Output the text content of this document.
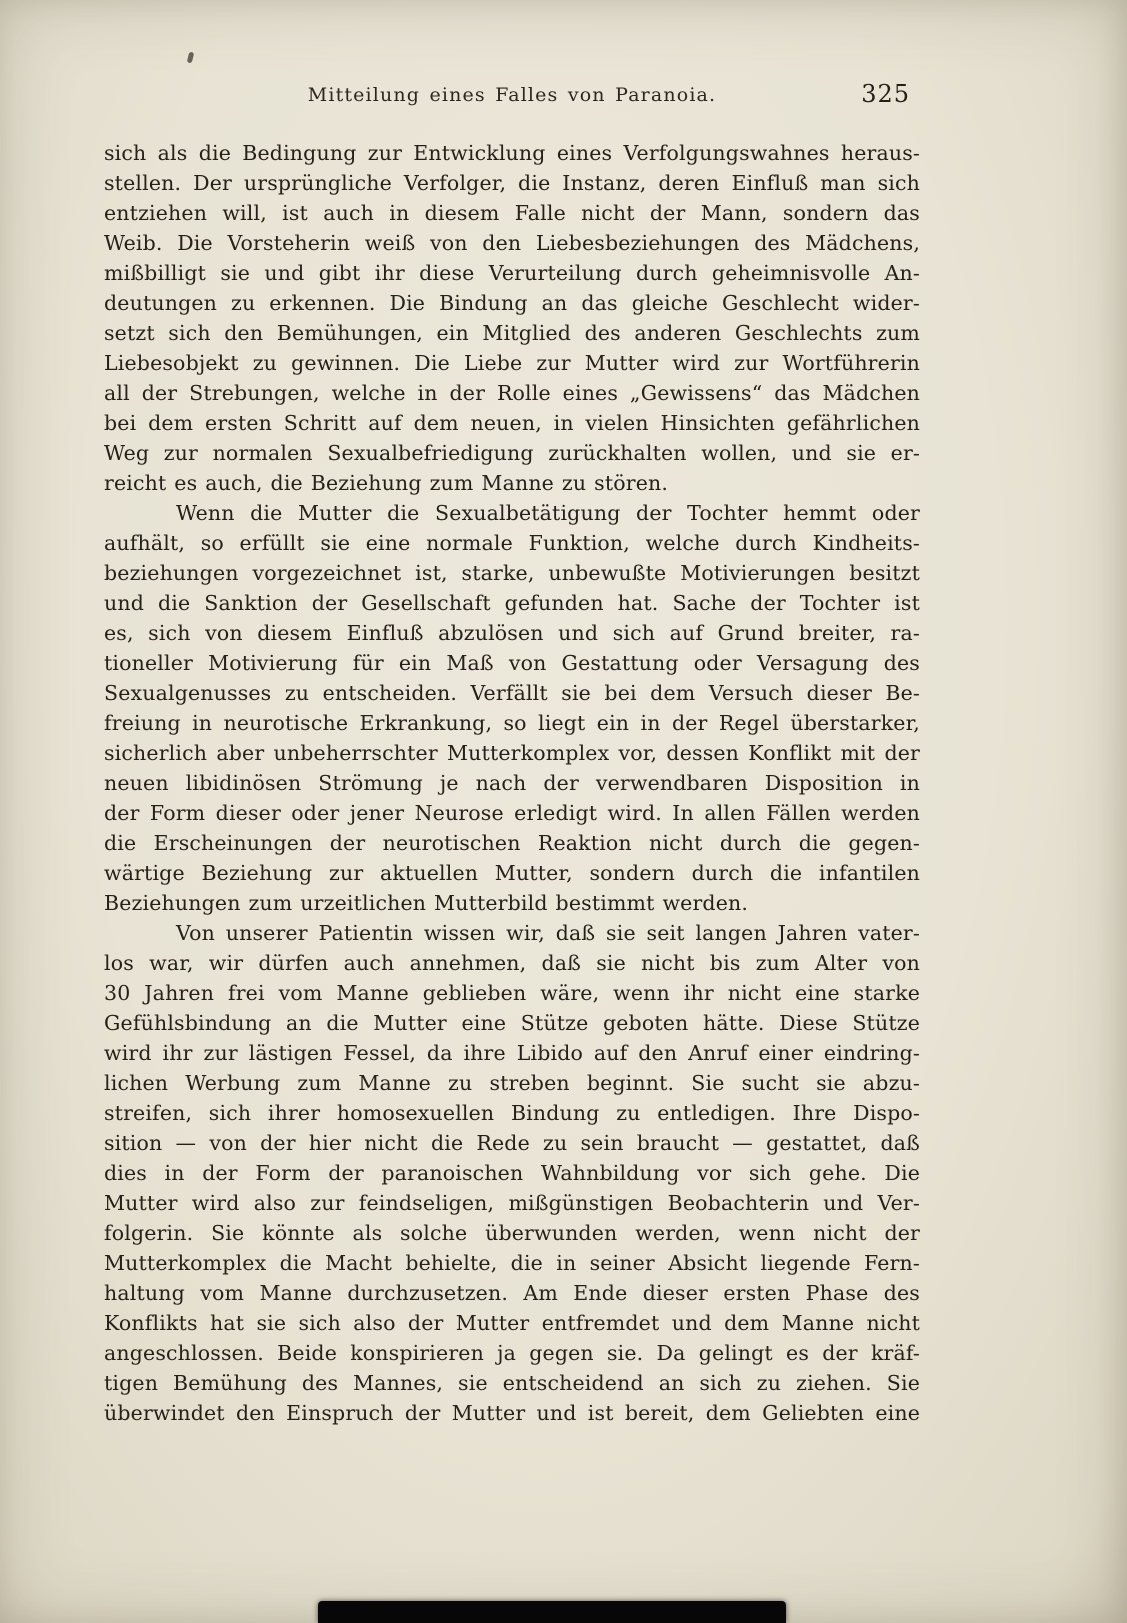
Mitteilung eines Falles von Paranoia.	325
sich als die Bedingung zur Entwicklung eines Verfolgungswahnes heraus-
stellen. Der ursprüngliche Verfolger, die Instanz, deren Einfluß man sich
entziehen will, ist auch in diesem Falle nicht der Mann, sondern das
Weib. Die Vorsteherin weiß von den Liebesbeziehungen des Mädchens,
mißbilligt sie und gibt ihr diese Verurteilung durch geheimnisvolle An-
deutungen zu erkennen. Die Bindung an das gleiche Geschlecht wider-
setzt sich den Bemühungen, ein Mitglied des anderen Geschlechts zum
Liebesobjekt zu gewinnen. Die Liebe zur Mutter wird zur Wortführerin
all der Strebungen, welche in der Rolle eines „Gewissens“ das Mädchen
bei dem ersten Schritt auf dem neuen, in vielen Hinsichten gefährlichen
Weg zur normalen Sexualbefriedigung zurückhalten wollen, und sie er-
reicht es auch, die Beziehung zum Manne zu stören.
Wenn die Mutter die Sexualbetätigung der Tochter hemmt oder
aufhält, so erfüllt sie eine normale Funktion, welche durch Kindheits-
beziehungen vorgezeichnet ist, starke, unbewußte Motivierungen besitzt
und die Sanktion der Gesellschaft gefunden hat. Sache der Tochter ist
es, sich von diesem Einfluß abzulösen und sich auf Grund breiter, ra-
tioneller Motivierung für ein Maß von Gestattung oder Versagung des
Sexualgenusses zu entscheiden. Verfällt sie bei dem Versuch dieser Be-
freiung in neurotische Erkrankung, so liegt ein in der Regel überstarker,
sicherlich aber unbeherrschter Mutterkomplex vor, dessen Konflikt mit der
neuen libidinösen Strömung je nach der verwendbaren Disposition in
der Form dieser oder jener Neurose erledigt wird. In allen Fällen werden
die Erscheinungen der neurotischen Reaktion nicht durch die gegen-
wärtige Beziehung zur aktuellen Mutter, sondern durch die infantilen
Beziehungen zum urzeitlichen Mutterbild bestimmt werden.
Von unserer Patientin wissen wir, daß sie seit langen Jahren vater-
los war, wir dürfen auch annehmen, daß sie nicht bis zum Alter von
30 Jahren frei vom Manne geblieben wäre, wenn ihr nicht eine starke
Gefühlsbindung an die Mutter eine Stütze geboten hätte. Diese Stütze
wird ihr zur lästigen Fessel, da ihre Libido auf den Anruf einer eindring-
lichen Werbung zum Manne zu streben beginnt. Sie sucht sie abzu-
streifen, sich ihrer homosexuellen Bindung zu entledigen. Ihre Dispo-
sition — von der hier nicht die Rede zu sein braucht — gestattet, daß
dies in der Form der paranoischen Wahnbildung vor sich gehe. Die
Mutter wird also zur feindseligen, mißgünstigen Beobachterin und Ver-
folgerin. Sie könnte als solche überwunden werden, wenn nicht der
Mutterkomplex die Macht behielte, die in seiner Absicht liegende Fern-
haltung vom Manne durchzusetzen. Am Ende dieser ersten Phase des
Konflikts hat sie sich also der Mutter entfremdet und dem Manne nicht
angeschlossen. Beide konspirieren ja gegen sie. Da gelingt es der kräf-
tigen Bemühung des Mannes, sie entscheidend an sich zu ziehen. Sie
überwindet den Einspruch der Mutter und ist bereit, dem Geliebten eine
